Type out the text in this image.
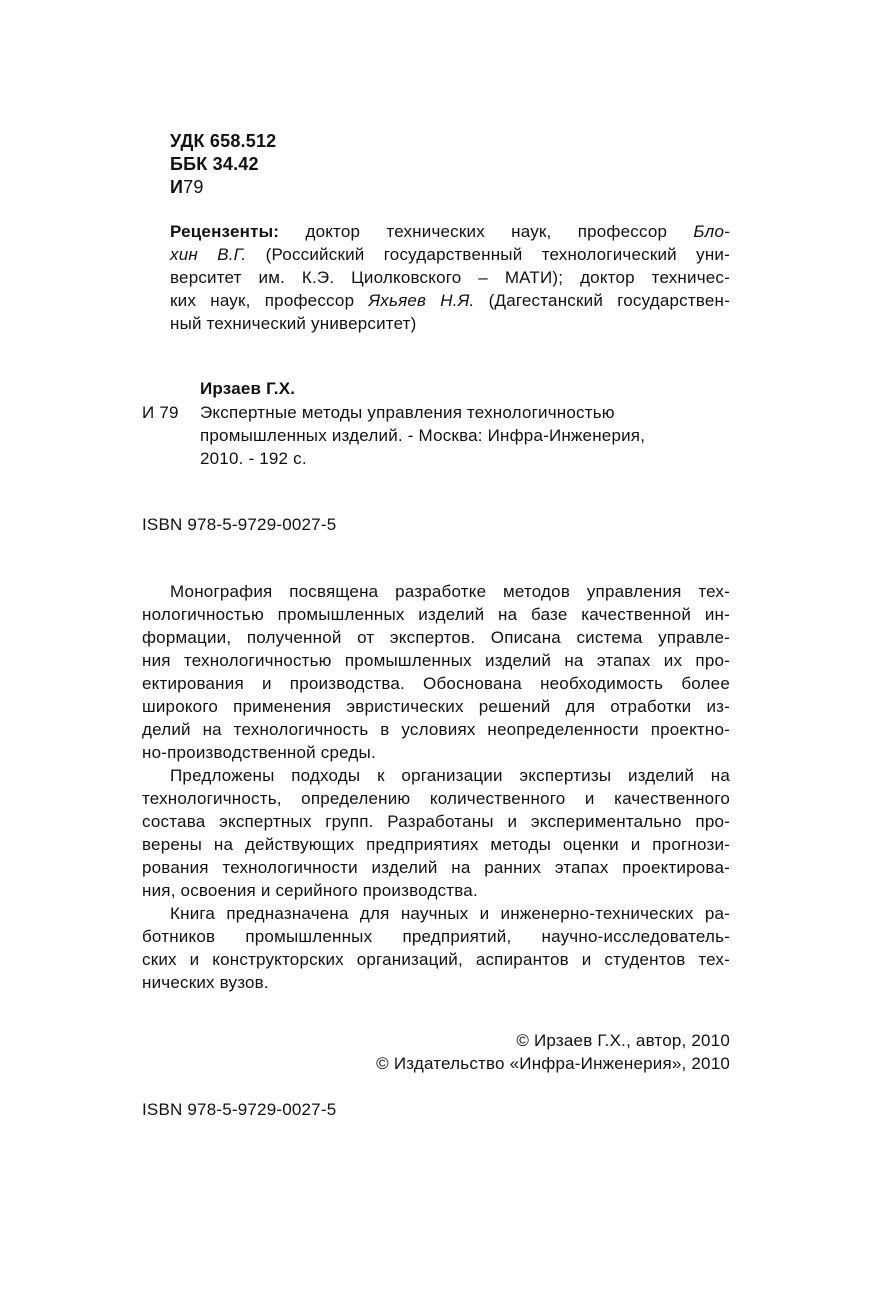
УДК 658.512
ББК 34.42
И79
Рецензенты: доктор технических наук, профессор Бло-
хин В.Г. (Российский государственный технологический уни-
верситет им. К.Э. Циолковского – МАТИ); доктор техничес-
ких наук, профессор Яхьяев Н.Я. (Дагестанский государствен-
ный технический университет)
Ирзаев Г.Х.
И 79 Экспертные методы управления технологичностью
промышленных изделий. - Москва: Инфра-Инженерия,
2010. - 192 с.
ISBN 978-5-9729-0027-5
Монография посвящена разработке методов управления тех-
нологичностью промышленных изделий на базе качественной ин-
формации, полученной от экспертов. Описана система управле-
ния технологичностью промышленных изделий на этапах их про-
ектирования и производства. Обоснована необходимость более
широкого применения эвристических решений для отработки из-
делий на технологичность в условиях неопределенности проектно-
но-производственной среды.
Предложены подходы к организации экспертизы изделий на
технологичность, определению количественного и качественного
состава экспертных групп. Разработаны и экспериментально про-
верены на действующих предприятиях методы оценки и прогнози-
рования технологичности изделий на ранних этапах проектирова-
ния, освоения и серийного производства.
Книга предназначена для научных и инженерно-технических ра-
ботников промышленных предприятий, научно-исследователь-
ских и конструкторских организаций, аспирантов и студентов тех-
нических вузов.
© Ирзаев Г.Х., автор, 2010
© Издательство «Инфра-Инженерия», 2010
ISBN 978-5-9729-0027-5
